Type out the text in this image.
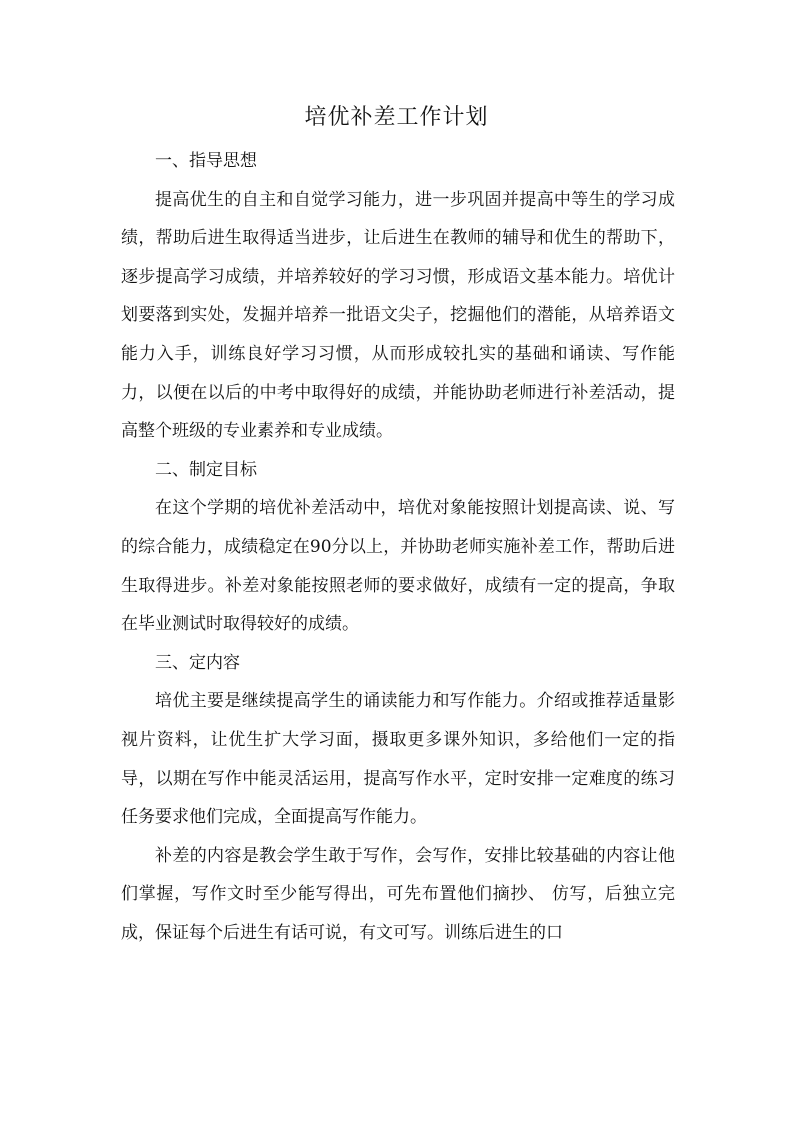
培优补差工作计划

一、指导思想

提高优生的自主和自觉学习能力，进一步巩固并提高中等生的学习成绩，帮助后进生取得适当进步，让后进生在教师的辅导和优生的帮助下，逐步提高学习成绩，并培养较好的学习习惯，形成语文基本能力。培优计划要落到实处，发掘并培养一批语文尖子，挖掘他们的潜能，从培养语文能力入手，训练良好学习习惯，从而形成较扎实的基础和诵读、写作能力，以便在以后的中考中取得好的成绩，并能协助老师进行补差活动，提高整个班级的专业素养和专业成绩。

二、制定目标

在这个学期的培优补差活动中，培优对象能按照计划提高读、说、写的综合能力，成绩稳定在90分以上，并协助老师实施补差工作，帮助后进生取得进步。补差对象能按照老师的要求做好，成绩有一定的提高，争取在毕业测试时取得较好的成绩。

三、定内容

培优主要是继续提高学生的诵读能力和写作能力。介绍或推荐适量影视片资料，让优生扩大学习面，摄取更多课外知识，多给他们一定的指导，以期在写作中能灵活运用，提高写作水平，定时安排一定难度的练习任务要求他们完成，全面提高写作能力。

补差的内容是教会学生敢于写作，会写作，安排比较基础的内容让他们掌握，写作文时至少能写得出，可先布置他们摘抄、 仿写，后独立完成，保证每个后进生有话可说，有文可写。训练后进生的口
